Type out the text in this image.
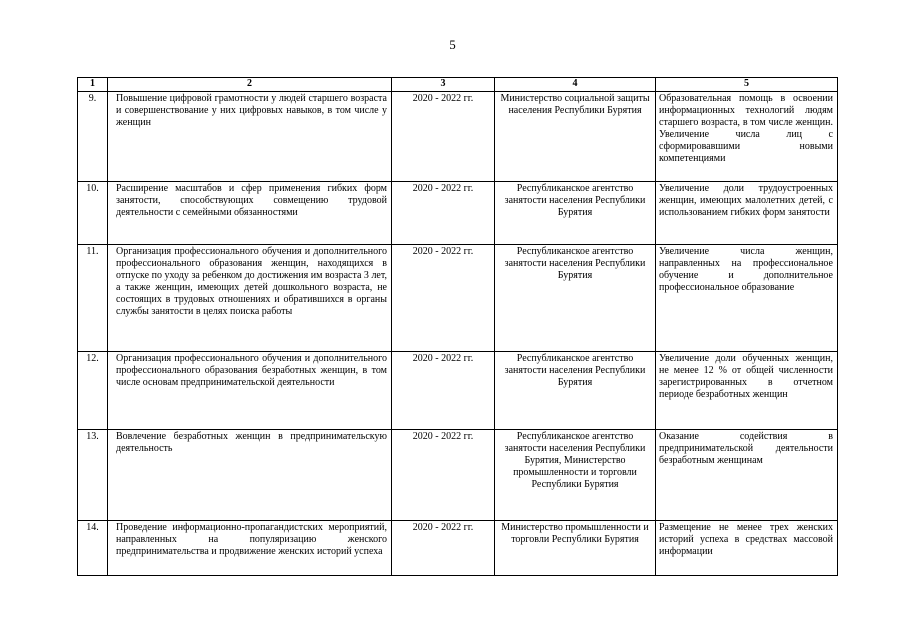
5
1	2	3	4	5
9.	Повышение цифровой грамотности у людей старшего возраста и совершенствование у них цифровых навыков, в том числе у женщин	2020 - 2022 гг.	Министерство социальной защиты населения Республики Бурятия	Образовательная помощь в освоении информационных технологий людям старшего возраста, в том числе женщин. Увеличение числа лиц с сформировавшими новыми компетенциями
10.	Расширение масштабов и сфер применения гибких форм занятости, способствующих совмещению трудовой деятельности с семейными обязанностями	2020 - 2022 гг.	Республиканское агентство занятости населения Республики Бурятия	Увеличение доли трудоустроенных женщин, имеющих малолетних детей, с использованием гибких форм занятости
11.	Организация профессионального обучения и дополнительного профессионального образования женщин, находящихся в отпуске по уходу за ребенком до достижения им возраста 3 лет, а также женщин, имеющих детей дошкольного возраста, не состоящих в трудовых отношениях и обратившихся в органы службы занятости в целях поиска работы	2020 - 2022 гг.	Республиканское агентство занятости населения Республики Бурятия	Увеличение числа женщин, направленных на профессиональное обучение и дополнительное профессиональное образование
12.	Организация профессионального обучения и дополнительного профессионального образования безработных женщин, в том числе основам предпринимательской деятельности	2020 - 2022 гг.	Республиканское агентство занятости населения Республики Бурятия	Увеличение доли обученных женщин, не менее 12 % от общей численности зарегистрированных в отчетном периоде безработных женщин
13.	Вовлечение безработных женщин в предпринимательскую деятельность	2020 - 2022 гг.	Республиканское агентство занятости населения Республики Бурятия, Министерство промышленности и торговли Республики Бурятия	Оказание содействия в предпринимательской деятельности безработным женщинам
14.	Проведение информационно-пропагандистских мероприятий, направленных на популяризацию женского предпринимательства и продвижение женских историй успеха	2020 - 2022 гг.	Министерство промышленности и торговли Республики Бурятия	Размещение не менее трех женских историй успеха в средствах массовой информации
